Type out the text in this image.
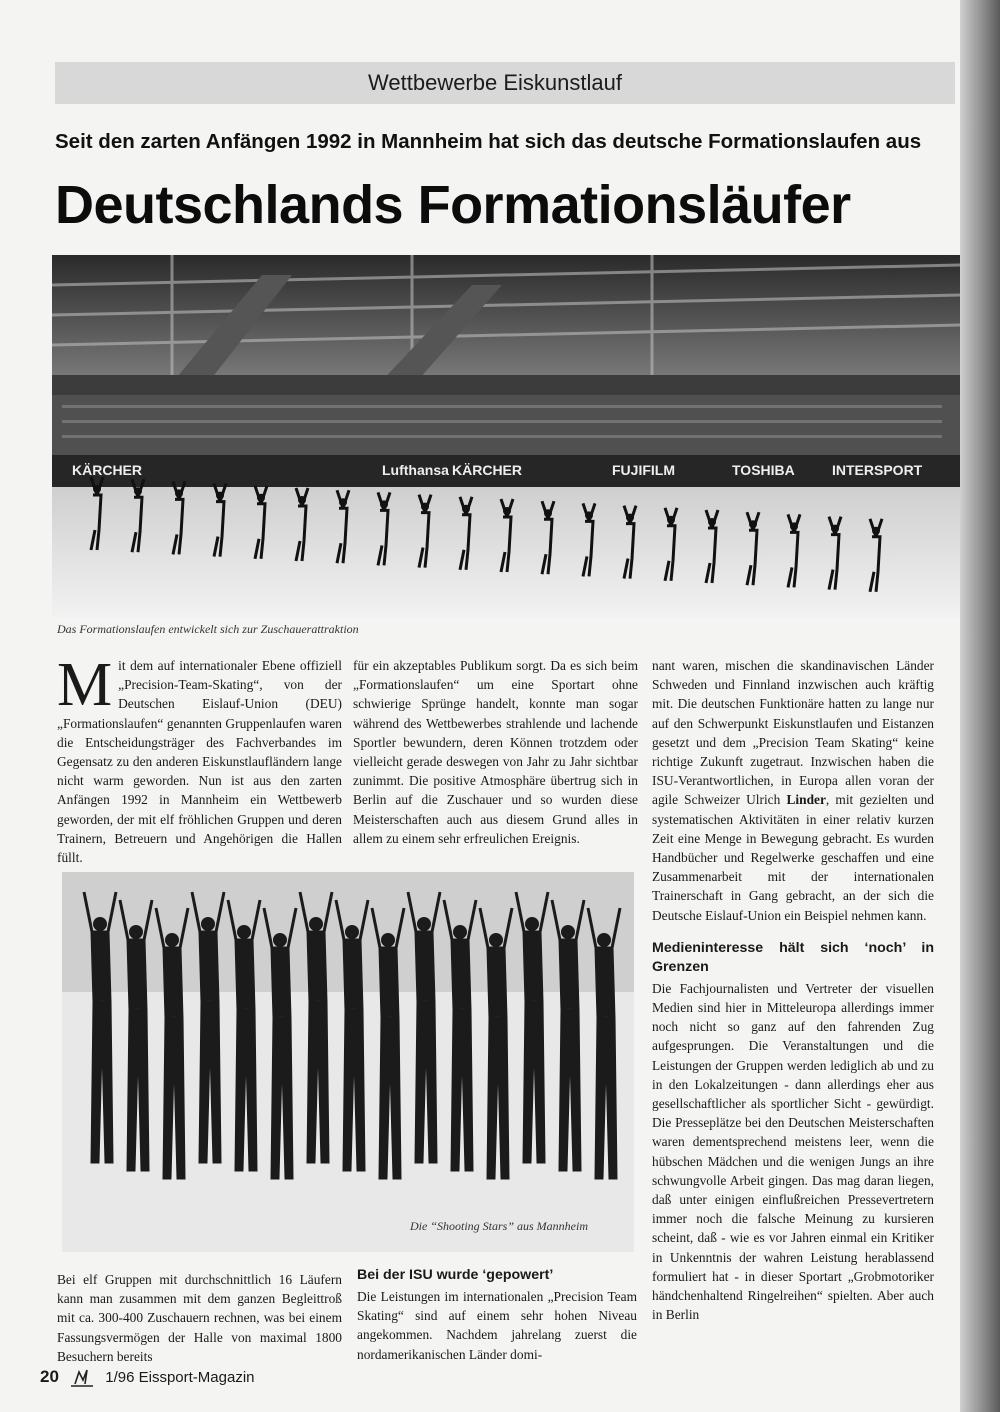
Wettbewerbe Eiskunstlauf
Seit den zarten Anfängen 1992 in Mannheim hat sich das deutsche Formationslaufen aus
Deutschlands Formationsläufer
KÄRCHER	Lufthansa KÄRCHER	FUJIFILM	TOSHIBA	INTERSPORT
Das Formationslaufen entwickelt sich zur Zuschauerattraktion
Die “Shooting Stars” aus Mannheim

Mit dem auf internationaler Ebene offiziell „Precision-Team-Skating“, von der Deutschen Eislauf-Union (DEU) „Formationslaufen“ genannten Gruppenlaufen waren die Entscheidungsträger des Fachverbandes im Gegensatz zu den anderen Eiskunstlaufländern lange nicht warm geworden. Nun ist aus den zarten Anfängen 1992 in Mannheim ein Wettbewerb geworden, der mit elf fröhlichen Gruppen und deren Trainern, Betreuern und Angehörigen die Hallen füllt.

Bei elf Gruppen mit durchschnittlich 16 Läufern kann man zusammen mit dem ganzen Begleittroß mit ca. 300-400 Zuschauern rechnen, was bei einem Fassungsvermögen der Halle von maximal 1800 Besuchern bereits

für ein akzeptables Publikum sorgt. Da es sich beim „Formationslaufen“ um eine Sportart ohne schwierige Sprünge handelt, konnte man sogar während des Wettbewerbes strahlende und lachende Sportler bewundern, deren Können trotzdem oder vielleicht gerade deswegen von Jahr zu Jahr sichtbar zunimmt. Die positive Atmosphäre übertrug sich in Berlin auf die Zuschauer und so wurden diese Meisterschaften auch aus diesem Grund alles in allem zu einem sehr erfreulichen Ereignis.

Bei der ISU wurde ‘gepowert’

Die Leistungen im internationalen „Precision Team Skating“ sind auf einem sehr hohen Niveau angekommen. Nachdem jahrelang zuerst die nordamerikanischen Länder domi-

nant waren, mischen die skandinavischen Länder Schweden und Finnland inzwischen auch kräftig mit. Die deutschen Funktionäre hatten zu lange nur auf den Schwerpunkt Eiskunstlaufen und Eistanzen gesetzt und dem „Precision Team Skating“ keine richtige Zukunft zugetraut. Inzwischen haben die ISU-Verantwortlichen, in Europa allen voran der agile Schweizer Ulrich Linder, mit gezielten und systematischen Aktivitäten in einer relativ kurzen Zeit eine Menge in Bewegung gebracht. Es wurden Handbücher und Regelwerke geschaffen und eine Zusammenarbeit mit der internationalen Trainerschaft in Gang gebracht, an der sich die Deutsche Eislauf-Union ein Beispiel nehmen kann.

Medieninteresse hält sich ‘noch’ in Grenzen

Die Fachjournalisten und Vertreter der visuellen Medien sind hier in Mitteleuropa allerdings immer noch nicht so ganz auf den fahrenden Zug aufgesprungen. Die Veranstaltungen und die Leistungen der Gruppen werden lediglich ab und zu in den Lokalzeitungen - dann allerdings eher aus gesellschaftlicher als sportlicher Sicht - gewürdigt. Die Presseplätze bei den Deutschen Meisterschaften waren dementsprechend meistens leer, wenn die hübschen Mädchen und die wenigen Jungs an ihre schwungvolle Arbeit gingen. Das mag daran liegen, daß unter einigen einflußreichen Pressevertretern immer noch die falsche Meinung zu kursieren scheint, daß - wie es vor Jahren einmal ein Kritiker in Unkenntnis der wahren Leistung herablassend formuliert hat - in dieser Sportart „Grobmotoriker händchenhaltend Ringelreihen“ spielten. Aber auch in Berlin

20	1/96 Eissport-Magazin
